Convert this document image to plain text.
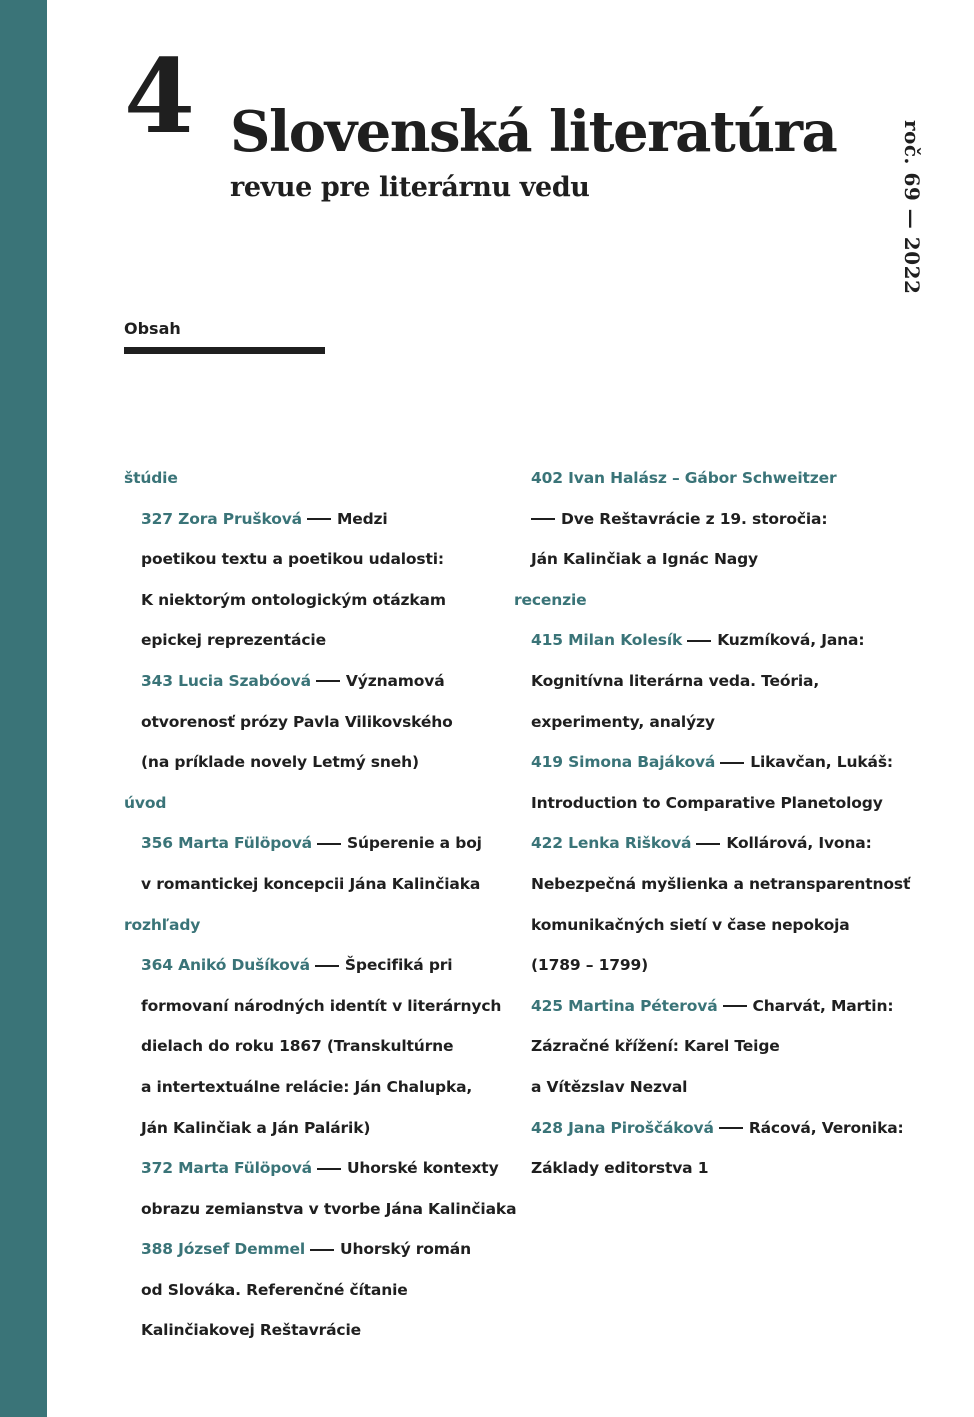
4 Slovenská literatúra
revue pre literárnu vedu	roč. 69 — 2022
Obsah
štúdie
327 Zora Prušková Medzi
poetikou textu a poetikou udalosti:
K niektorým ontologickým otázkam
epickej reprezentácie
343 Lucia Szabóová Významová
otvorenosť prózy Pavla Vilikovského
(na príklade novely Letmý sneh)
úvod
356 Marta Fülöpová Súperenie a boj
v romantickej koncepcii Jána Kalinčiaka
rozhľady
364 Anikó Dušíková Špecifiká pri
formovaní národných identít v literárnych
dielach do roku 1867 (Transkultúrne
a intertextuálne relácie: Ján Chalupka,
Ján Kalinčiak a Ján Palárik)
372 Marta Fülöpová Uhorské kontexty
obrazu zemianstva v tvorbe Jána Kalinčiaka
388 József Demmel Uhorský román
od Slováka. Referenčné čítanie
Kalinčiakovej Reštavrácie
402 Ivan Halász – Gábor Schweitzer
Dve Reštavrácie z 19. storočia:
Ján Kalinčiak a Ignác Nagy
recenzie
415 Milan Kolesík Kuzmíková, Jana:
Kognitívna literárna veda. Teória,
experimenty, analýzy
419 Simona Bajáková Likavčan, Lukáš:
Introduction to Comparative Planetology
422 Lenka Rišková Kollárová, Ivona:
Nebezpečná myšlienka a netransparentnosť
komunikačných sietí v čase nepokoja
(1789 – 1799)
425 Martina Péterová Charvát, Martin:
Zázračné křížení: Karel Teige
a Vítězslav Nezval
428 Jana Piroščáková Rácová, Veronika:
Základy editorstva 1
